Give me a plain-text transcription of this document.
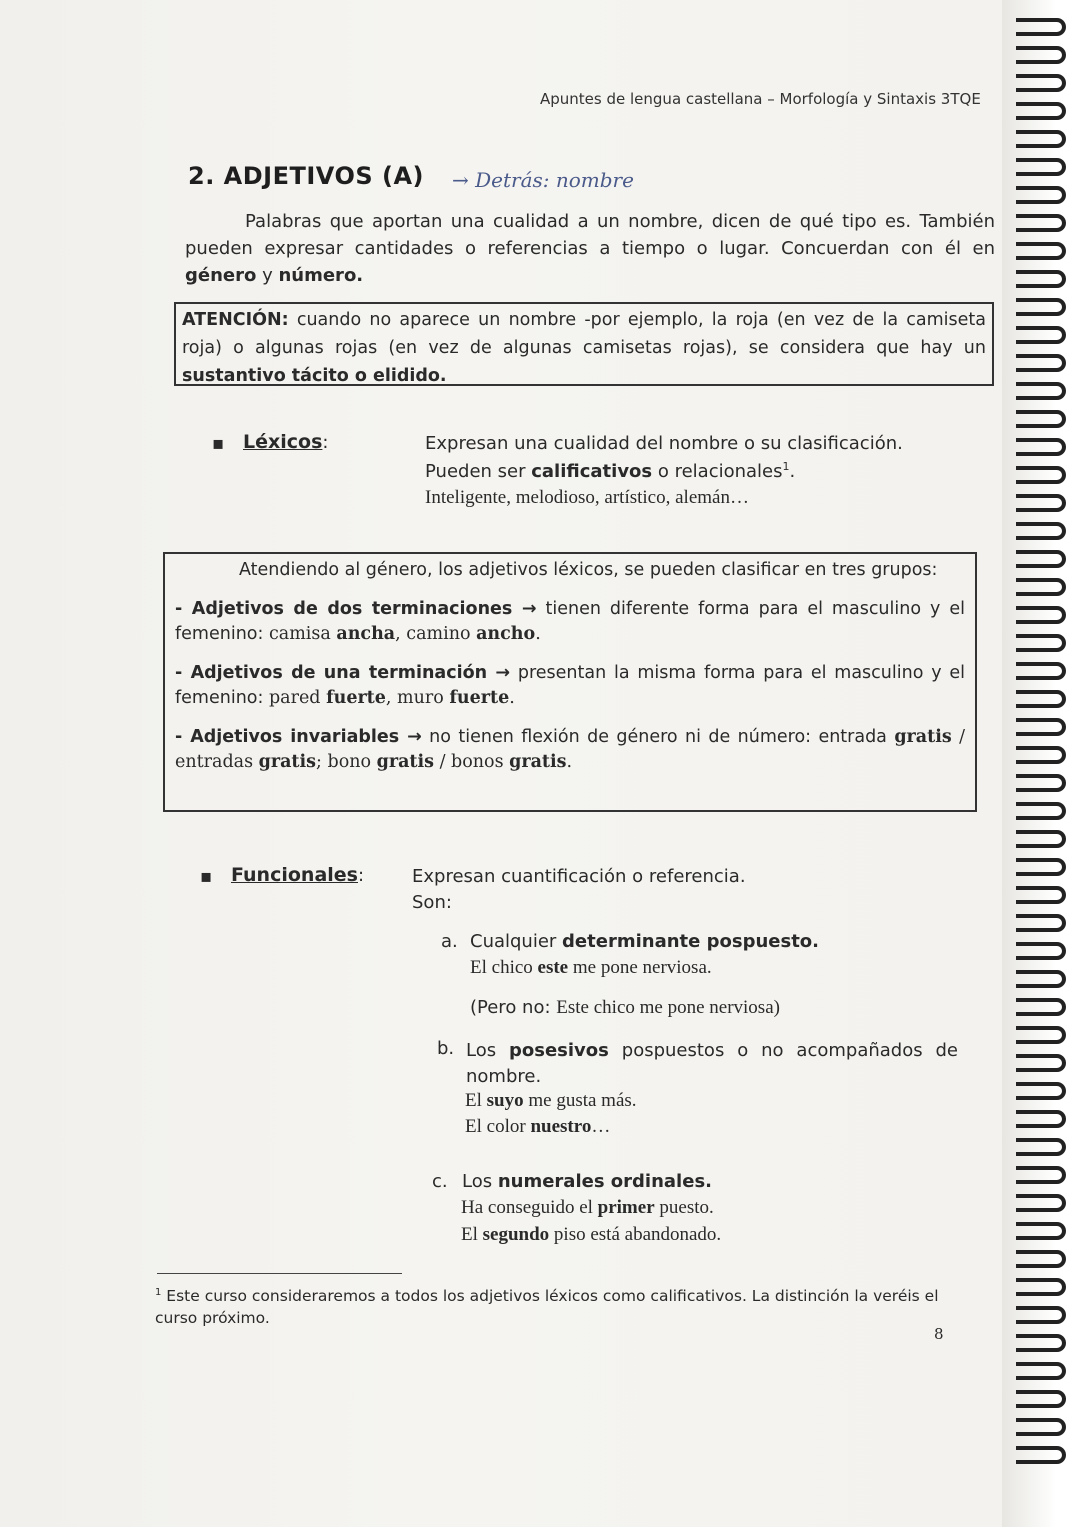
Apuntes de lengua castellana – Morfología y Sintaxis 3TQE
2. ADJETIVOS (A) → Detrás: nombre
Palabras que aportan una cualidad a un nombre, dicen de qué tipo es. También pueden expresar cantidades o referencias a tiempo o lugar. Concuerdan con él en género y número.
ATENCIÓN: cuando no aparece un nombre -por ejemplo, la roja (en vez de la camiseta roja) o algunas rojas (en vez de algunas camisetas rojas), se considera que hay un sustantivo tácito o elidido.
▪ Léxicos:	Expresan una cualidad del nombre o su clasificación.
Pueden ser calificativos o relacionales$^1$.
Inteligente, melodioso, artístico, alemán…

Atendiendo al género, los adjetivos léxicos, se pueden clasificar en tres grupos:

- Adjetivos de dos terminaciones → tienen diferente forma para el masculino y el femenino: camisa ancha, camino ancho.

- Adjetivos de una terminación → presentan la misma forma para el masculino y el femenino: pared fuerte, muro fuerte.

- Adjetivos invariables → no tienen flexión de género ni de número: entrada gratis / entradas gratis; bono gratis / bonos gratis.

▪ Funcionales:	Expresan cuantificación o referencia.
Son:
a. Cualquier determinante pospuesto.
El chico este me pone nerviosa.
(Pero no: Este chico me pone nerviosa)
b. Los posesivos pospuestos o no acompañados de nombre.
El suyo me gusta más.
El color nuestro…
c. Los numerales ordinales.
Ha conseguido el primer puesto.
El segundo piso está abandonado.
$^1$ Este curso consideraremos a todos los adjetivos léxicos como calificativos. La distinción la veréis el curso próximo.
8
